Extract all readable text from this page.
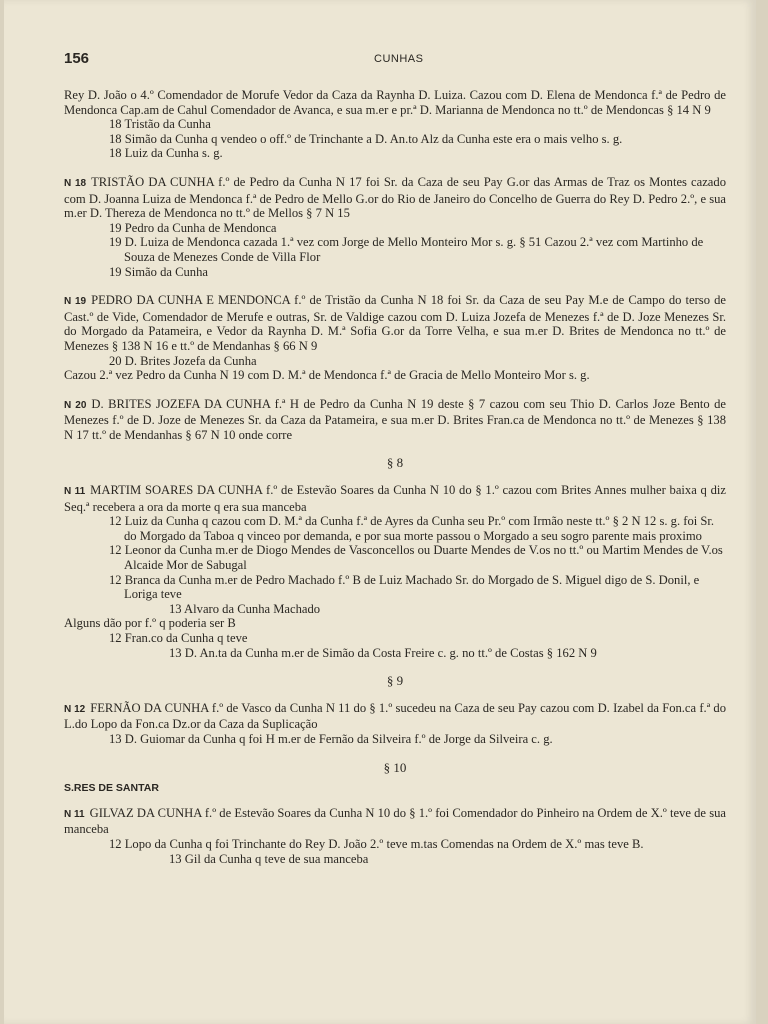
156	CUNHAS

Rey D. João o 4.º Comendador de Morufe Vedor da Caza da Raynha D. Luiza. Cazou com D. Elena de Mendonca f.ª de Pedro de Mendonca Cap.am de Cahul Comendador de Avanca, e sua m.er e pr.ª D. Marianna de Mendonca no tt.º de Mendoncas § 14 N 9

18 Tristão da Cunha

18 Simão da Cunha q vendeo o off.º de Trinchante a D. An.to Alz da Cunha este era o mais velho s. g.

18 Luiz da Cunha s. g.

N 18 TRISTÃO DA CUNHA f.º de Pedro da Cunha N 17 foi Sr. da Caza de seu Pay G.or das Armas de Traz os Montes cazado com D. Joanna Luiza de Mendonca f.ª de Pedro de Mello G.or do Rio de Janeiro do Concelho de Guerra do Rey D. Pedro 2.º, e sua m.er D. Thereza de Mendonca no tt.º de Mellos § 7 N 15

19 Pedro da Cunha de Mendonca

19 D. Luiza de Mendonca cazada 1.ª vez com Jorge de Mello Monteiro Mor s. g. § 51 Cazou 2.ª vez com Martinho de Souza de Menezes Conde de Villa Flor

19 Simão da Cunha

N 19 PEDRO DA CUNHA E MENDONCA f.º de Tristão da Cunha N 18 foi Sr. da Caza de seu Pay M.e de Campo do terso de Cast.º de Vide, Comendador de Merufe e outras, Sr. de Valdige cazou com D. Luiza Jozefa de Menezes f.ª de D. Joze Menezes Sr. do Morgado da Patameira, e Vedor da Raynha D. M.ª Sofia G.or da Torre Velha, e sua m.er D. Brites de Mendonca no tt.º de Menezes § 138 N 16 e tt.º de Mendanhas § 66 N 9

20 D. Brites Jozefa da Cunha

Cazou 2.ª vez Pedro da Cunha N 19 com D. M.ª de Mendonca f.ª de Gracia de Mello Monteiro Mor s. g.

N 20 D. BRITES JOZEFA DA CUNHA f.ª H de Pedro da Cunha N 19 deste § 7 cazou com seu Thio D. Carlos Joze Bento de Menezes f.º de D. Joze de Menezes Sr. da Caza da Patameira, e sua m.er D. Brites Fran.ca de Mendonca no tt.º de Menezes § 138 N 17 tt.º de Mendanhas § 67 N 10 onde corre

§ 8

N 11 MARTIM SOARES DA CUNHA f.º de Estevão Soares da Cunha N 10 do § 1.º cazou com Brites Annes mulher baixa q diz Seq.ª recebera a ora da morte q era sua manceba

12 Luiz da Cunha q cazou com D. M.ª da Cunha f.ª de Ayres da Cunha seu Pr.º com Irmão neste tt.º § 2 N 12 s. g. foi Sr. do Morgado da Taboa q vinceo por demanda, e por sua morte passou o Morgado a seu sogro parente mais proximo

12 Leonor da Cunha m.er de Diogo Mendes de Vasconcellos ou Duarte Mendes de V.os no tt.º ou Martim Mendes de V.os Alcaide Mor de Sabugal

12 Branca da Cunha m.er de Pedro Machado f.º B de Luiz Machado Sr. do Morgado de S. Miguel digo de S. Donil, e Loriga teve

13 Alvaro da Cunha Machado

Alguns dão por f.º q poderia ser B

12 Fran.co da Cunha q teve

13 D. An.ta da Cunha m.er de Simão da Costa Freire c. g. no tt.º de Costas § 162 N 9

§ 9

N 12 FERNÃO DA CUNHA f.º de Vasco da Cunha N 11 do § 1.º sucedeu na Caza de seu Pay cazou com D. Izabel da Fon.ca f.ª do L.do Lopo da Fon.ca Dz.or da Caza da Suplicação

13 D. Guiomar da Cunha q foi H m.er de Fernão da Silveira f.º de Jorge da Silveira c. g.

§ 10
S.RES DE SANTAR

N 11 GILVAZ DA CUNHA f.º de Estevão Soares da Cunha N 10 do § 1.º foi Comendador do Pinheiro na Ordem de X.º teve de sua manceba

12 Lopo da Cunha q foi Trinchante do Rey D. João 2.º teve m.tas Comendas na Ordem de X.º mas teve B.

13 Gil da Cunha q teve de sua manceba
